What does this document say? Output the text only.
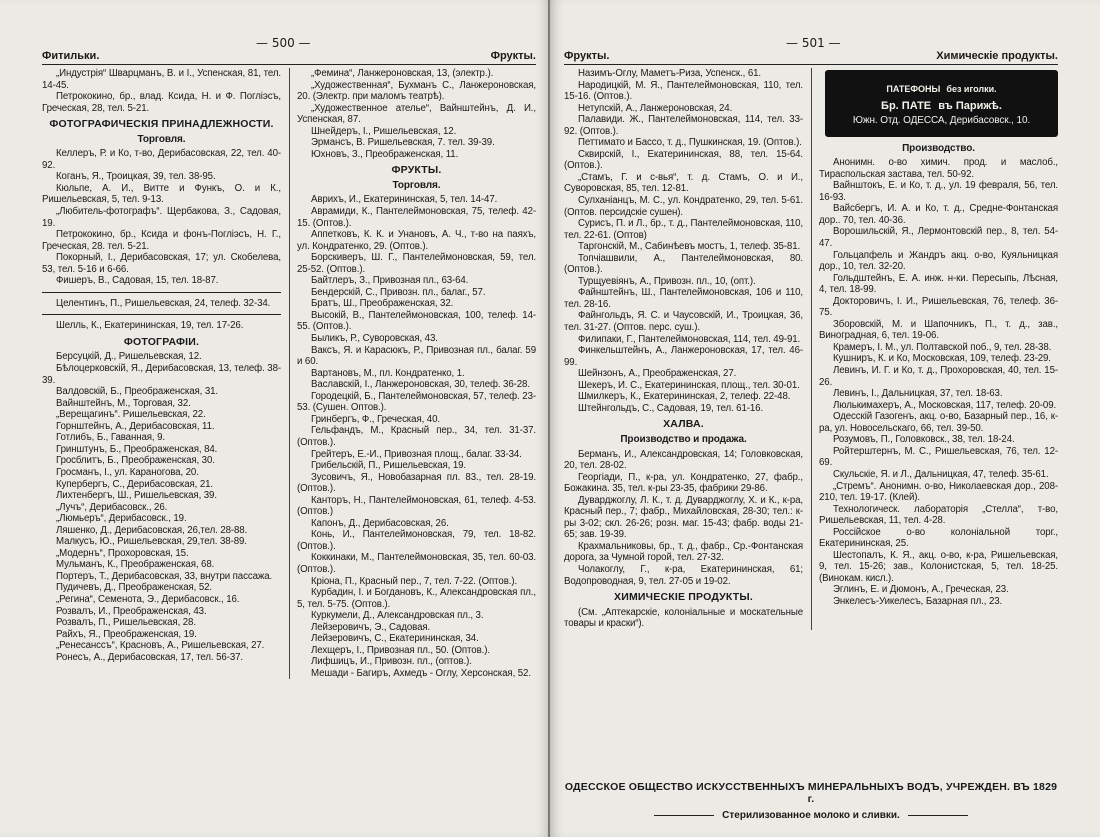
— 500 —
Фитильки.	Фрукты.
„Индустрія“ Шварцманъ, В. и І., Успенская, 81, тел. 14-45.
Петрококино, бр., влад. Ксида, Н. и Ф. Погліэсъ, Греческая, 28, тел. 5-21.
ФОТОГРАФИЧЕСКІЯ ПРИНАДЛЕЖНОСТИ.
Торговля.
Келлеръ, Р. и Ко, т-во, Дерибасовская, 22, тел. 40-92.
Коганъ, Я., Троицкая, 39, тел. 38-95.
Кюльпе, А. И., Витте и Функъ, О. и К., Ришельевская, 5, тел. 9-13.
„Любитель-фотографъ“. Щербакова, З., Садовая, 19.
Петрококино, бр., Ксида и фонъ-Погліэсъ, Н. Г., Греческая, 28. тел. 5-21.
Покорный, І., Дерибасовская, 17; ул. Скобелева, 53, тел. 5-16 и 6-66.
Фишеръ, В., Садовая, 15, тел. 18-87.
Целентинъ, П., Ришельевская, 24, телеф. 32-34.
Шелль, К., Екатерининская, 19, тел. 17-26.
ФОТОГРАФІИ.
Берсуцкій, Д., Ришельевская, 12.
Бѣлоцерковскій, Я., Дерибасовская, 13, телеф. 38-39.
Валдовскій, Б., Преображенская, 31.
Вайнштейнъ, М., Торговая, 32.
„Верещагинъ“. Ришельевская, 22.
Горнштейнъ, А., Дерибасовская, 11.
Готлибъ, Б., Гаванная, 9.
Гринштунъ, Б., Преображенская, 84.
Гросблитъ, Б., Преображенская, 30.
Гросманъ, І., ул. Караногова, 20.
Купербергъ, С., Дерибасовская, 21.
Лихтенбергъ, Ш., Ришельевская, 39.
„Лучъ“, Дерибасовск., 26.
„Люмьеръ“, Дерибасовск., 19.
Ляшенко, Д., Дерибасовская, 26,тел. 28-88.
Малкусъ, Ю., Ришельевская, 29,тел. 38-89.
„Модернъ“, Прохоровская, 15.
Мульманъ, К., Преображенская, 68.
Портеръ, Т., Дерибасовская, 33, внутри пассажа.
Пудичевъ, Д., Преображенская, 52.
„Регина“, Семенота, Э., Дерибасовск., 16.
Розвалъ, И., Преображенская, 43.
Розвалъ, П., Ришельевская, 28.
Райхъ, Я., Преображенская, 19.
„Ренесанссъ“, Красновъ, А., Ришельевская, 27.
Ронесъ, А., Дерибасовская, 17, тел. 56-37.
„Фемина“, Ланжероновская, 13, (электр.).
„Художественная“, Бухманъ С., Ланжероновская, 20. (Электр. при маломъ театрѣ).
„Художественное ателье“, Вайнштейнъ, Д. И., Успенская, 87.
Шнейдеръ, І., Ришельевская, 12.
Эрмансъ, В. Ришельевская, 7. тел. 39-39.
Юхновъ, З., Преображенская, 11.
ФРУКТЫ.
Торговля.
Аврихъ, И., Екатерининская, 5, тел. 14-47.
Аврамиди, К., Пантелеймоновская, 75, телеф. 42-15. (Оптов.).
Аппетковъ, К. К. и Унановъ, А. Ч., т-во на паяхъ, ул. Кондратенко, 29. (Оптов.).
Борскиверъ, Ш. Г., Пантелеймоновская, 59, тел. 25-52. (Оптов.).
Байтлеръ, З., Привозная пл., 63-64.
Бендерскій, С., Привозн. пл., балаг., 57.
Братъ, Ш., Преображенская, 32.
Высокій, В., Пантелеймоновская, 100, телеф. 14-55. (Оптов.).
Быликъ, Р., Суворовская, 43.
Ваксъ, Я. и Карасюкъ, Р., Привозная пл., балаг. 59 и 60.
Вартановъ, М., пл. Кондратенко, 1.
Ваславскій, І., Ланжероновская, 30, телеф. 36-28.
Городецкій, Б., Пантелеймоновская, 57, телеф. 23-53. (Сушен. Оптов.).
Гринбергъ, Ф., Греческая, 40.
Гельфандъ, М., Красный пер., 34, тел. 31-37. (Оптов.).
Грейтеръ, Е.-И., Привозная площ., балаг. 33-34.
Грибельскій, П., Ришельевская, 19.
Зусовичъ, Я., Новобазарная пл. 83., тел. 28-19. (Оптов.).
Канторъ, Н., Пантелеймоновская, 61, телеф. 4-53. (Оптов.)
Капонъ, Д., Дерибасовская, 26.
Конь, И., Пантелеймоновская, 79, тел. 18-82. (Оптов.).
Коккинаки, М., Пантелеймоновская, 35, тел. 60-03. (Оптов.).
Кріона, П., Красный пер., 7, тел. 7-22. (Оптов.).
Курбадин, І. и Богдановъ, К., Александровская пл., 5, тел. 5-75. (Оптов.).
Куркумели, Д., Александровская пл., 3.
Лейзеровичъ, Э., Садовая.
Лейзеровичъ, С., Екатерининская, 34.
Лехщеръ, І., Привозная пл., 50. (Оптов.).
Лифшицъ, И., Привозн. пл., (оптов.).
Мешади - Багиръ, Ахмедъ - Оглу, Херсонская, 52.
— 501 —
Фрукты.	Химическіе продукты.
Назимъ-Оглу, Маметъ-Риза, Успенск., 61.
Народицкій, М. Я., Пантелеймоновская, 110, тел. 15-16. (Оптов.).
Нетупскій, А., Ланжероновская, 24.
Палавиди. Ж., Пантелеймоновская, 114, тел. 33-92. (Оптов.).
Петтимато и Бассо, т. д., Пушкинская, 19. (Оптов.).
Сквирскій, І., Екатерининская, 88, тел. 15-64. (Оптов.).
„Стамъ, Г. и с-вья“, т. д. Стамъ, О. и И., Суворовская, 85, тел. 12-81.
Сулханіанцъ, М. С., ул. Кондратенко, 29, тел. 5-61. (Оптов. персидскіе сушен).
Сурисъ, П. и Л., бр., т. д., Пантелеймоновская, 110, тел. 22-61. (Оптов)
Таргонскій, М., Сабинѣевъ мостъ, 1, телеф. 35-81.
Топчіашвили, А., Пантелеймоновская, 80. (Оптов.).
Турщуевіянъ, А., Привозн. пл., 10, (опт.).
Файнштейнъ, Ш., Пантелеймоновская, 106 и 110, тел. 28-16.
Файнгольдъ, Я. С. и Чаусовскій, И., Троицкая, 36, тел. 31-27. (Оптов. перс. суш.).
Филипаки, Г., Пантелеймоновская, 114, тел. 49-91.
Финкельштейнъ, А., Ланжероновская, 17, тел. 46-99.
Шейнзонъ, А., Преображенская, 27.
Шекеръ, И. С., Екатерининская, площ., тел. 30-01.
Шмилкеръ, К., Екатерининская, 2, телеф. 22-48.
Штейнгольдъ, С., Садовая, 19, тел. 61-16.
ХАЛВА.
Производство и продажа.
Берманъ, И., Александровская, 14; Головковская, 20, тел. 28-02.
Георгіади, П., к-ра, ул. Кондратенко, 27, фабр., Божакина. 35, тел. к-ры 23-35, фабрики 29-86.
Дуварджоглу, Л. К., т. д. Дуварджоглу, Х. и К., к-ра, Красный пер., 7; фабр., Михайловская, 28-30; тел.: к-ры 3-02; скл. 26-26; розн. маг. 15-43; фабр. воды 21-65; зав. 19-39.
Крахмальниковы, бр., т. д., фабр., Ср.-Фонтанская дорога, за Чумной горой, тел. 27-32.
Чолакоглу, Г., к-ра, Екатерининская, 61; Водопроводная, 9, тел. 27-05 и 19-02.
ХИМИЧЕСКІЕ ПРОДУКТЫ.
(См. „Аптекарскіе, колоніальные и москательные товары и краски“).
ПАТЕФОНЫ без иголки.
Бр. ПАТЕ въ Парижѣ.
Южн. Отд. ОДЕССА, Дерибасовск., 10.
Производство.
Анонимн. о-во химич. прод. и маслоб., Тираспольская застава, тел. 50-92.
Вайнштокъ, Е. и Ко, т. д., ул. 19 февраля, 56, тел. 16-93.
Вайсбергъ, И. А. и Ко, т. д., Средне-Фонтанская дор.. 70, тел. 40-36.
Ворошильскій, Я., Лермонтовскій пер., 8, тел. 54-47.
Гольцапфель и Жандръ акц. о-во, Куяльницкая дор., 10, тел. 32-20.
Гольдштейнъ, Е. А. инж. н-ки. Пересыпь, Лѣсная, 4, тел. 18-99.
Докторовичъ, І. И., Ришельевская, 76, телеф. 36-75.
Зборовскій, М. и Шапочникъ, П., т. д., зав., Виноградная, 6, тел. 19-06.
Крамеръ, І. М., ул. Полтавской поб., 9, тел. 28-38.
Кушниръ, К. и Ко, Московская, 109, телеф. 23-29.
Левинъ, И. Г. и Ко, т. д., Прохоровская, 40, тел. 15-26.
Левинъ, І., Дальницкая, 37, тел. 18-63.
Люлькимахеръ, А., Московская, 117, телеф. 20-09.
Одесскій Газогенъ, акц. о-во, Базарный пер., 16, к-ра, ул. Новосельскаго, 66, тел. 39-50.
Розумовъ, П., Головковск., 38, тел. 18-24.
Ройтерштернъ, М. С., Ришельевская, 76, тел. 12-69.
Скульскіе, Я. и Л., Дальницкая, 47, телеф. 35-61.
„Стремъ“. Анонимн. о-во, Николаевская дор., 208-210, тел. 19-17. (Клей).
Технологическ. лабораторія „Стелла“, т-во, Ришельевская, 11, тел. 4-28.
Россійское о-во колоніальной торг., Екатерининская, 25.
Шестопалъ, К. Я., акц. о-во, к-ра, Ришельевская, 9, тел. 15-26; зав., Колонистская, 5, тел. 18-25. (Винокам. кисл.).
Эглинъ, Е. и Дюмонъ, А., Греческая, 23.
Энкелесъ-Уикелесъ, Базарная пл., 23.
ОДЕССКОЕ ОБЩЕСТВО ИСКУССТВЕННЫХЪ МИНЕРАЛЬНЫХЪ ВОДЪ, УЧРЕЖДЕН. ВЪ 1829 г.
Стерилизованное молоко и сливки.
